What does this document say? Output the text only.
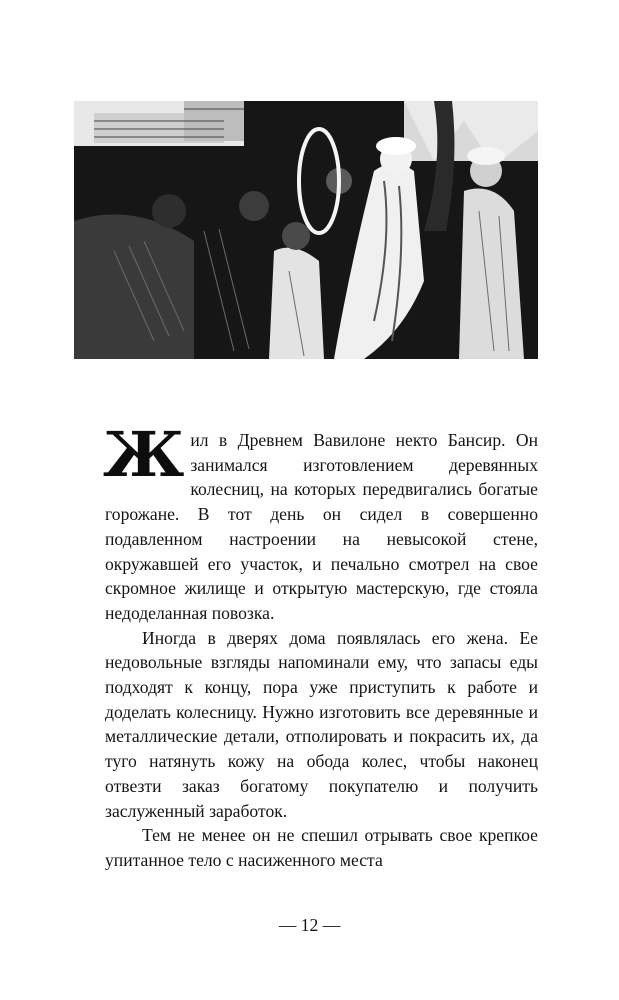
Жил в Древнем Вавилоне некто Бансир. Он занимался изготовлением деревянных колесниц, на которых передвигались богатые горожане. В тот день он сидел в совершенно подавленном настроении на невысокой стене, окружавшей его участок, и печально смотрел на свое скромное жилище и открытую мастерскую, где стояла недоделанная повозка.

Иногда в дверях дома появлялась его жена. Ее недовольные взгляды напоминали ему, что запасы еды подходят к концу, пора уже приступить к работе и доделать колесницу. Нужно изготовить все деревянные и металлические детали, отполировать и покрасить их, да туго натянуть кожу на обода колес, чтобы наконец отвезти заказ богатому покупателю и получить заслуженный заработок.

Тем не менее он не спешил отрывать свое крепкое упитанное тело с насиженного места

— 12 —
